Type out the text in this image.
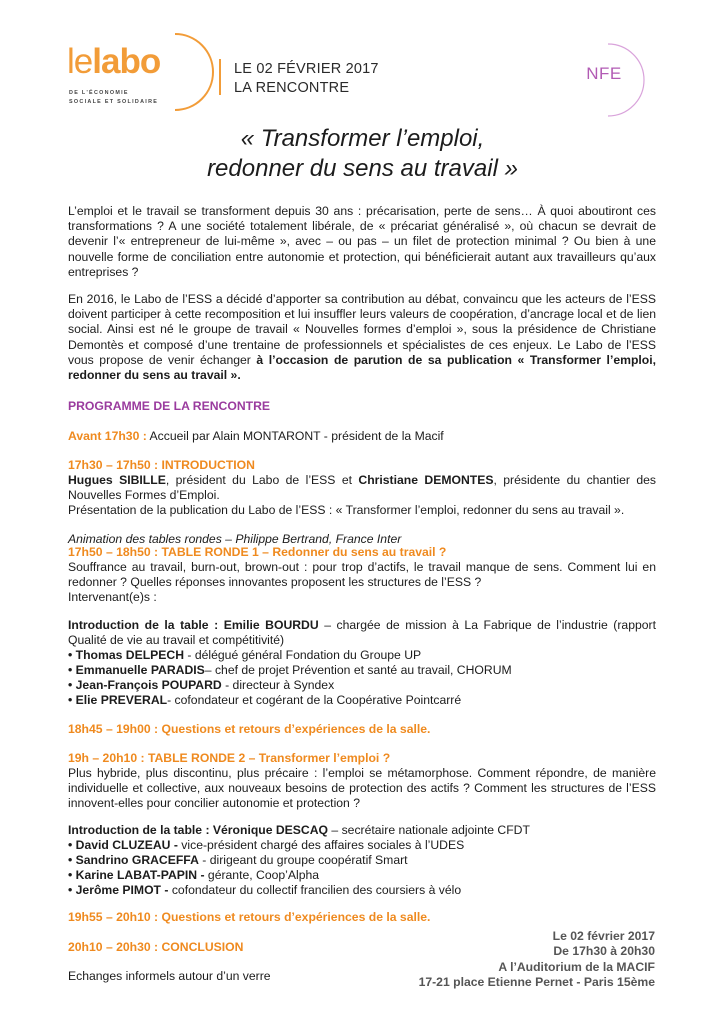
lelabo
DE L'ÉCONOMIE
SOCIALE ET SOLIDAIRE
LE 02 FÉVRIER 2017
LA RENCONTRE
NFE
« Transformer l’emploi,
redonner du sens au travail »
L’emploi et le travail se transforment depuis 30 ans : précarisation, perte de sens… À quoi aboutiront ces transformations ? A une société totalement libérale, de « précariat généralisé », où chacun se devrait de devenir l’« entrepreneur de lui-même », avec – ou pas – un filet de protection minimal ? Ou bien à une nouvelle forme de conciliation entre autonomie et protection, qui bénéficierait autant aux travailleurs qu’aux entreprises ?
En 2016, le Labo de l’ESS a décidé d’apporter sa contribution au débat, convaincu que les acteurs de l’ESS doivent participer à cette recomposition et lui insuffler leurs valeurs de coopération, d’ancrage local et de lien social. Ainsi est né le groupe de travail « Nouvelles formes d’emploi », sous la présidence de Christiane Demontès et composé d’une trentaine de professionnels et spécialistes de ces enjeux. Le Labo de l’ESS vous propose de venir échanger à l’occasion de parution de sa publication « Transformer l’emploi, redonner du sens au travail ».
PROGRAMME DE LA RENCONTRE
Avant 17h30 : Accueil par Alain MONTARONT - président de la Macif
17h30 – 17h50 : INTRODUCTION
Hugues SIBILLE, président du Labo de l’ESS et Christiane DEMONTES, présidente du chantier des Nouvelles Formes d’Emploi.
Présentation de la publication du Labo de l’ESS : « Transformer l’emploi, redonner du sens au travail ».
Animation des tables rondes – Philippe Bertrand, France Inter
17h50 – 18h50 : TABLE RONDE 1 – Redonner du sens au travail ?
Souffrance au travail, burn-out, brown-out : pour trop d’actifs, le travail manque de sens. Comment lui en redonner ? Quelles réponses innovantes proposent les structures de l’ESS ?
Intervenant(e)s :
Introduction de la table : Emilie BOURDU – chargée de mission à La Fabrique de l’industrie (rapport Qualité de vie au travail et compétitivité)
• Thomas DELPECH - délégué général Fondation du Groupe UP
• Emmanuelle PARADIS– chef de projet Prévention et santé au travail, CHORUM
• Jean-François POUPARD - directeur à Syndex
• Elie PREVERAL- cofondateur et cogérant de la Coopérative Pointcarré
18h45 – 19h00 : Questions et retours d’expériences de la salle.
19h – 20h10 : TABLE RONDE 2 – Transformer l’emploi ?
Plus hybride, plus discontinu, plus précaire : l’emploi se métamorphose. Comment répondre, de manière individuelle et collective, aux nouveaux besoins de protection des actifs ? Comment les structures de l’ESS innovent-elles pour concilier autonomie et protection ?
Introduction de la table : Véronique DESCAQ – secrétaire nationale adjointe CFDT
• David CLUZEAU - vice-président chargé des affaires sociales à l’UDES
• Sandrino GRACEFFA - dirigeant du groupe coopératif Smart
• Karine LABAT-PAPIN - gérante, Coop’Alpha
• Jerôme PIMOT - cofondateur du collectif francilien des coursiers à vélo
19h55 – 20h10 : Questions et retours d’expériences de la salle.
20h10 – 20h30 : CONCLUSION
Echanges informels autour d’un verre
Le 02 février 2017
De 17h30 à 20h30
A l’Auditorium de la MACIF
17-21 place Etienne Pernet - Paris 15ème
